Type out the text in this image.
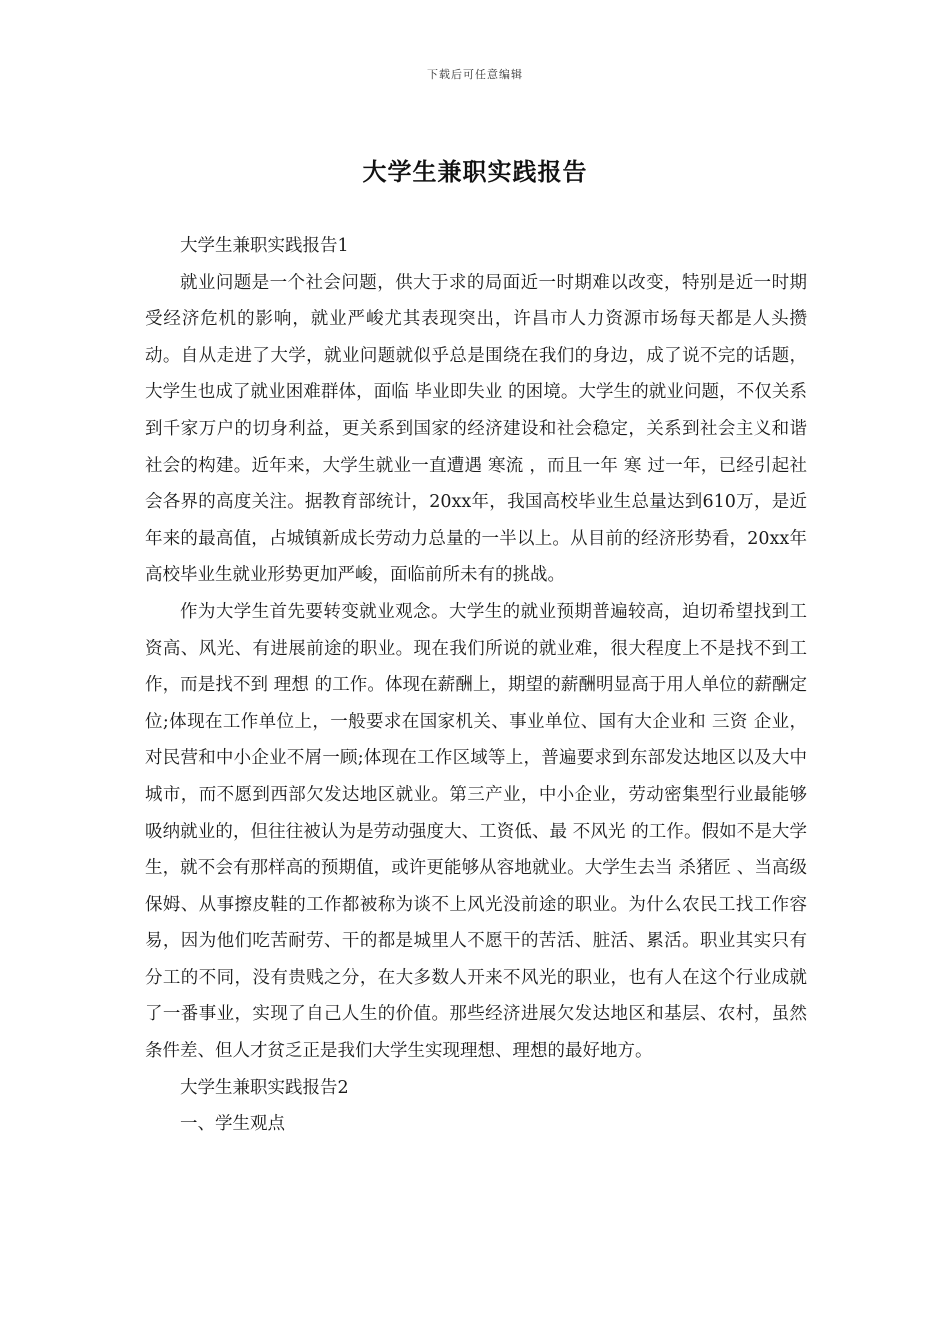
下载后可任意编辑
大学生兼职实践报告

大学生兼职实践报告1

就业问题是一个社会问题，供大于求的局面近一时期难以改变，特别是近一时期受经济危机的影响，就业严峻尤其表现突出，许昌市人力资源市场每天都是人头攒动。自从走进了大学，就业问题就似乎总是围绕在我们的身边，成了说不完的话题，大学生也成了就业困难群体，面临 毕业即失业 的困境。大学生的就业问题，不仅关系到千家万户的切身利益，更关系到国家的经济建设和社会稳定，关系到社会主义和谐社会的构建。近年来，大学生就业一直遭遇 寒流 ，而且一年 寒 过一年，已经引起社会各界的高度关注。据教育部统计，20xx年，我国高校毕业生总量达到610万，是近年来的最高值，占城镇新成长劳动力总量的一半以上。从目前的经济形势看，20xx年高校毕业生就业形势更加严峻，面临前所未有的挑战。

作为大学生首先要转变就业观念。大学生的就业预期普遍较高，迫切希望找到工资高、风光、有进展前途的职业。现在我们所说的就业难，很大程度上不是找不到工作，而是找不到 理想 的工作。体现在薪酬上，期望的薪酬明显高于用人单位的薪酬定位;体现在工作单位上，一般要求在国家机关、事业单位、国有大企业和 三资 企业，对民营和中小企业不屑一顾;体现在工作区域等上，普遍要求到东部发达地区以及大中城市，而不愿到西部欠发达地区就业。第三产业，中小企业，劳动密集型行业最能够吸纳就业的，但往往被认为是劳动强度大、工资低、最 不风光 的工作。假如不是大学生，就不会有那样高的预期值，或许更能够从容地就业。大学生去当 杀猪匠 、当高级保姆、从事擦皮鞋的工作都被称为谈不上风光没前途的职业。为什么农民工找工作容易，因为他们吃苦耐劳、干的都是城里人不愿干的苦活、脏活、累活。职业其实只有分工的不同，没有贵贱之分，在大多数人开来不风光的职业，也有人在这个行业成就了一番事业，实现了自己人生的价值。那些经济进展欠发达地区和基层、农村，虽然条件差、但人才贫乏正是我们大学生实现理想、理想的最好地方。

大学生兼职实践报告2

一、学生观点
